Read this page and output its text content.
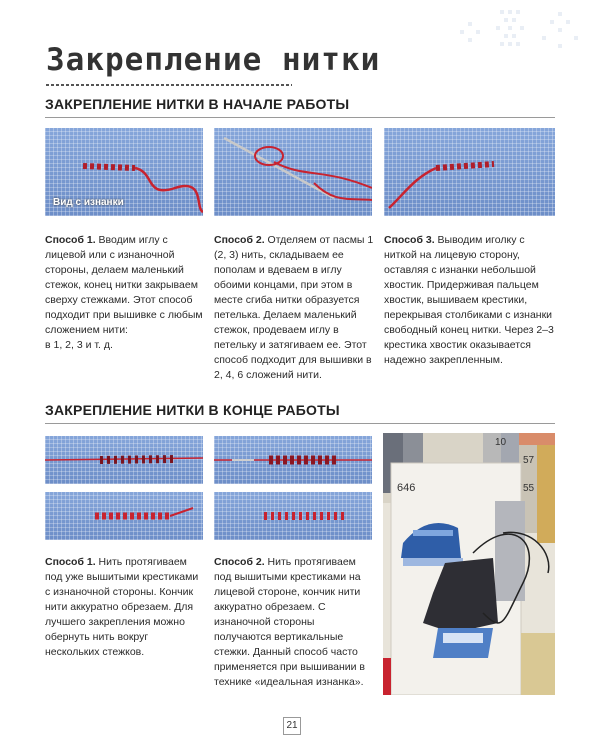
Закрепление нитки
ЗАКРЕПЛЕНИЕ НИТКИ В НАЧАЛЕ РАБОТЫ
Вид с изнанки

Способ 1. Вводим иглу с лицевой или с изнаночной стороны, делаем маленький стежок, конец нитки закрываем сверху стежками. Этот способ подходит при вышивке с любым сложением нити:

в 1, 2, 3 и т. д.

Способ 2. Отделяем от пасмы 1 (2, 3) нить, складываем ее пополам и вдеваем в иглу обоими концами, при этом в месте сгиба нитки образуется петелька. Делаем маленький стежок, продеваем иглу в петельку и затягиваем ее. Этот способ подходит для вышивки в 2, 4, 6 сложений нити.

Способ 3. Выводим иголку с ниткой на лицевую сторону, оставляя с изнанки небольшой хвостик. Придерживая пальцем хвостик, вышиваем крестики, перекрывая столбиками с изнанки свободный конец нитки. Через 2–3 крестика хвостик оказывается надежно закрепленным.

ЗАКРЕПЛЕНИЕ НИТКИ В КОНЦЕ РАБОТЫ
646
10
57
55

Способ 1. Нить протягиваем под уже вышитыми крестиками с изнаночной стороны. Кончик нити аккуратно обрезаем. Для лучшего закрепления можно обернуть нить вокруг нескольких стежков.

Способ 2. Нить протягиваем под вышитыми крестиками на лицевой стороне, кончик нити аккуратно обрезаем. С изнаночной стороны получаются вертикальные стежки. Данный способ часто применяется при вышивании в технике «идеальная изнанка».

21
